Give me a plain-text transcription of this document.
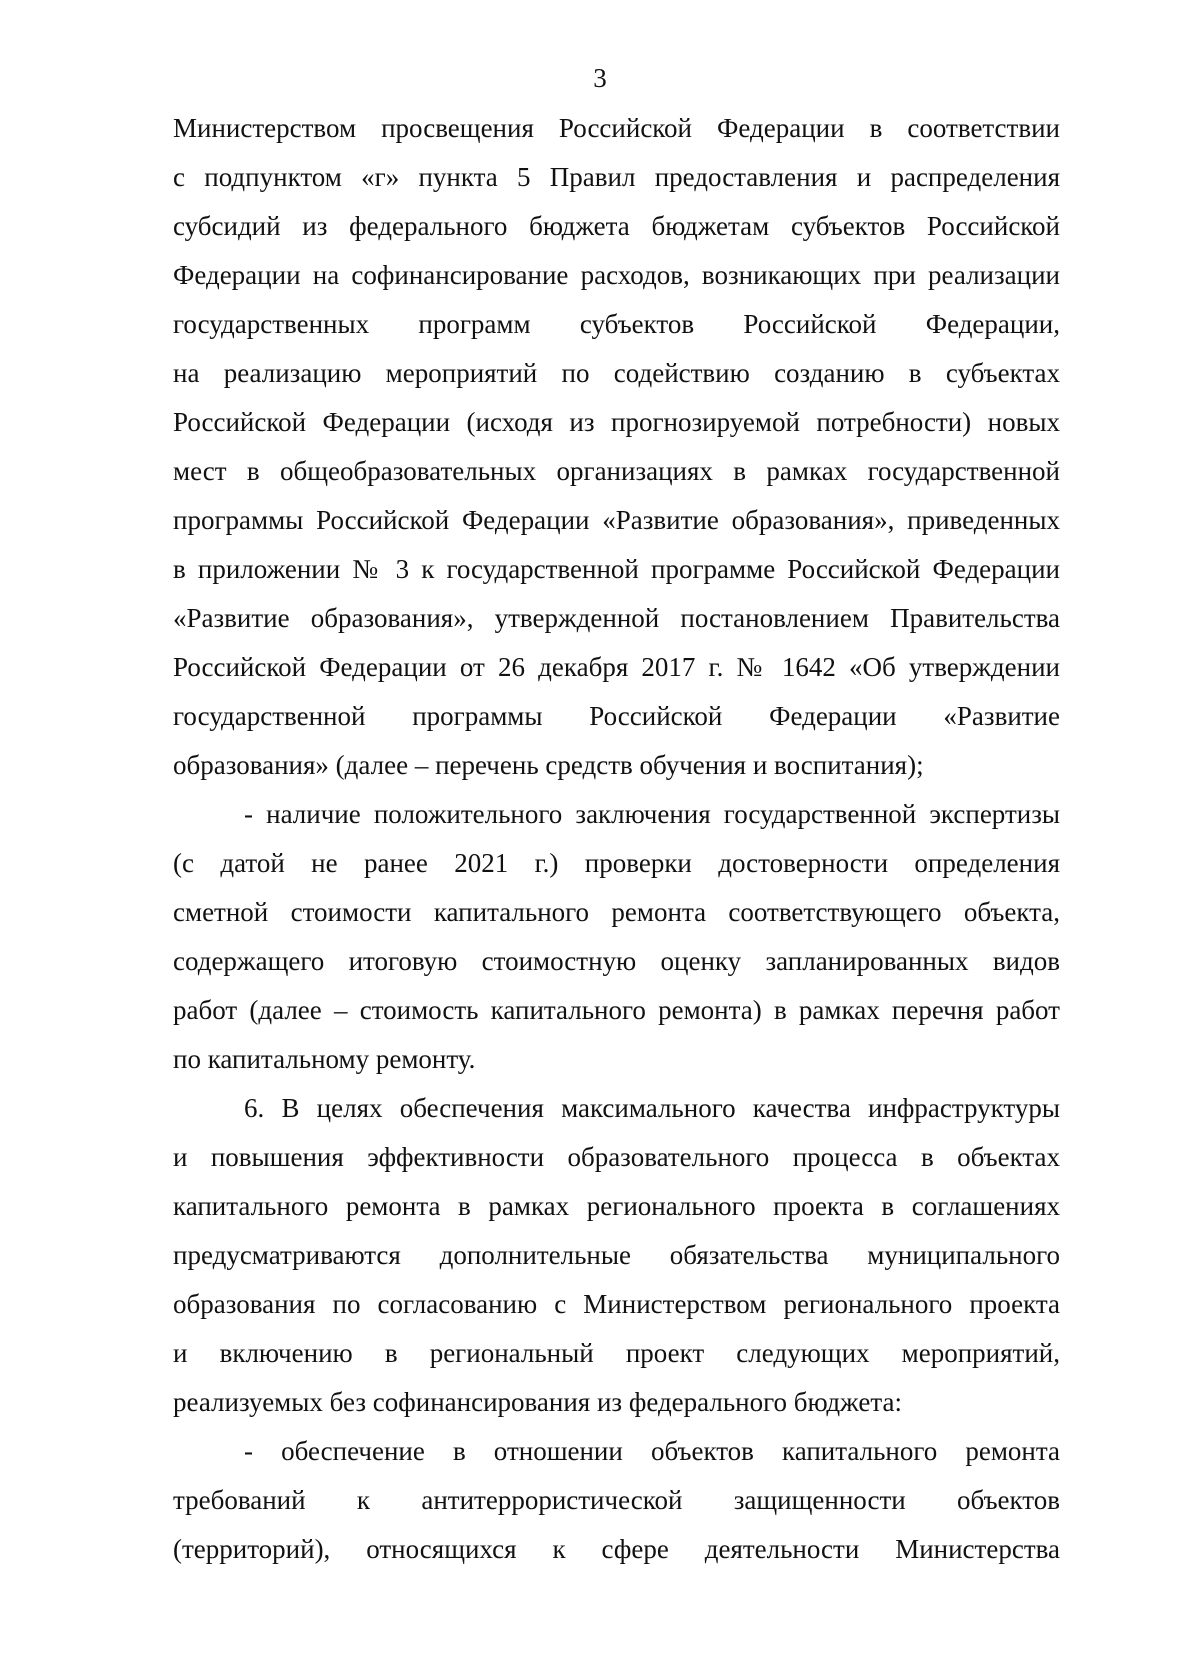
3
Министерством просвещения Российской Федерации в соответствии
с подпунктом «г» пункта 5 Правил предоставления и распределения
субсидий из федерального бюджета бюджетам субъектов Российской
Федерации на софинансирование расходов, возникающих при реализации
государственных программ субъектов Российской Федерации,
на реализацию мероприятий по содействию созданию в субъектах
Российской Федерации (исходя из прогнозируемой потребности) новых
мест в общеобразовательных организациях в рамках государственной
программы Российской Федерации «Развитие образования», приведенных
в приложении № 3 к государственной программе Российской Федерации
«Развитие образования», утвержденной постановлением Правительства
Российской Федерации от 26 декабря 2017 г. № 1642 «Об утверждении
государственной программы Российской Федерации «Развитие
образования» (далее – перечень средств обучения и воспитания);
- наличие положительного заключения государственной экспертизы
(с датой не ранее 2021 г.) проверки достоверности определения
сметной стоимости капитального ремонта соответствующего объекта,
содержащего итоговую стоимостную оценку запланированных видов
работ (далее – стоимость капитального ремонта) в рамках перечня работ
по капитальному ремонту.
6. В целях обеспечения максимального качества инфраструктуры
и повышения эффективности образовательного процесса в объектах
капитального ремонта в рамках регионального проекта в соглашениях
предусматриваются дополнительные обязательства муниципального
образования по согласованию с Министерством регионального проекта
и включению в региональный проект следующих мероприятий,
реализуемых без софинансирования из федерального бюджета:
- обеспечение в отношении объектов капитального ремонта
требований к антитеррористической защищенности объектов
(территорий), относящихся к сфере деятельности Министерства
